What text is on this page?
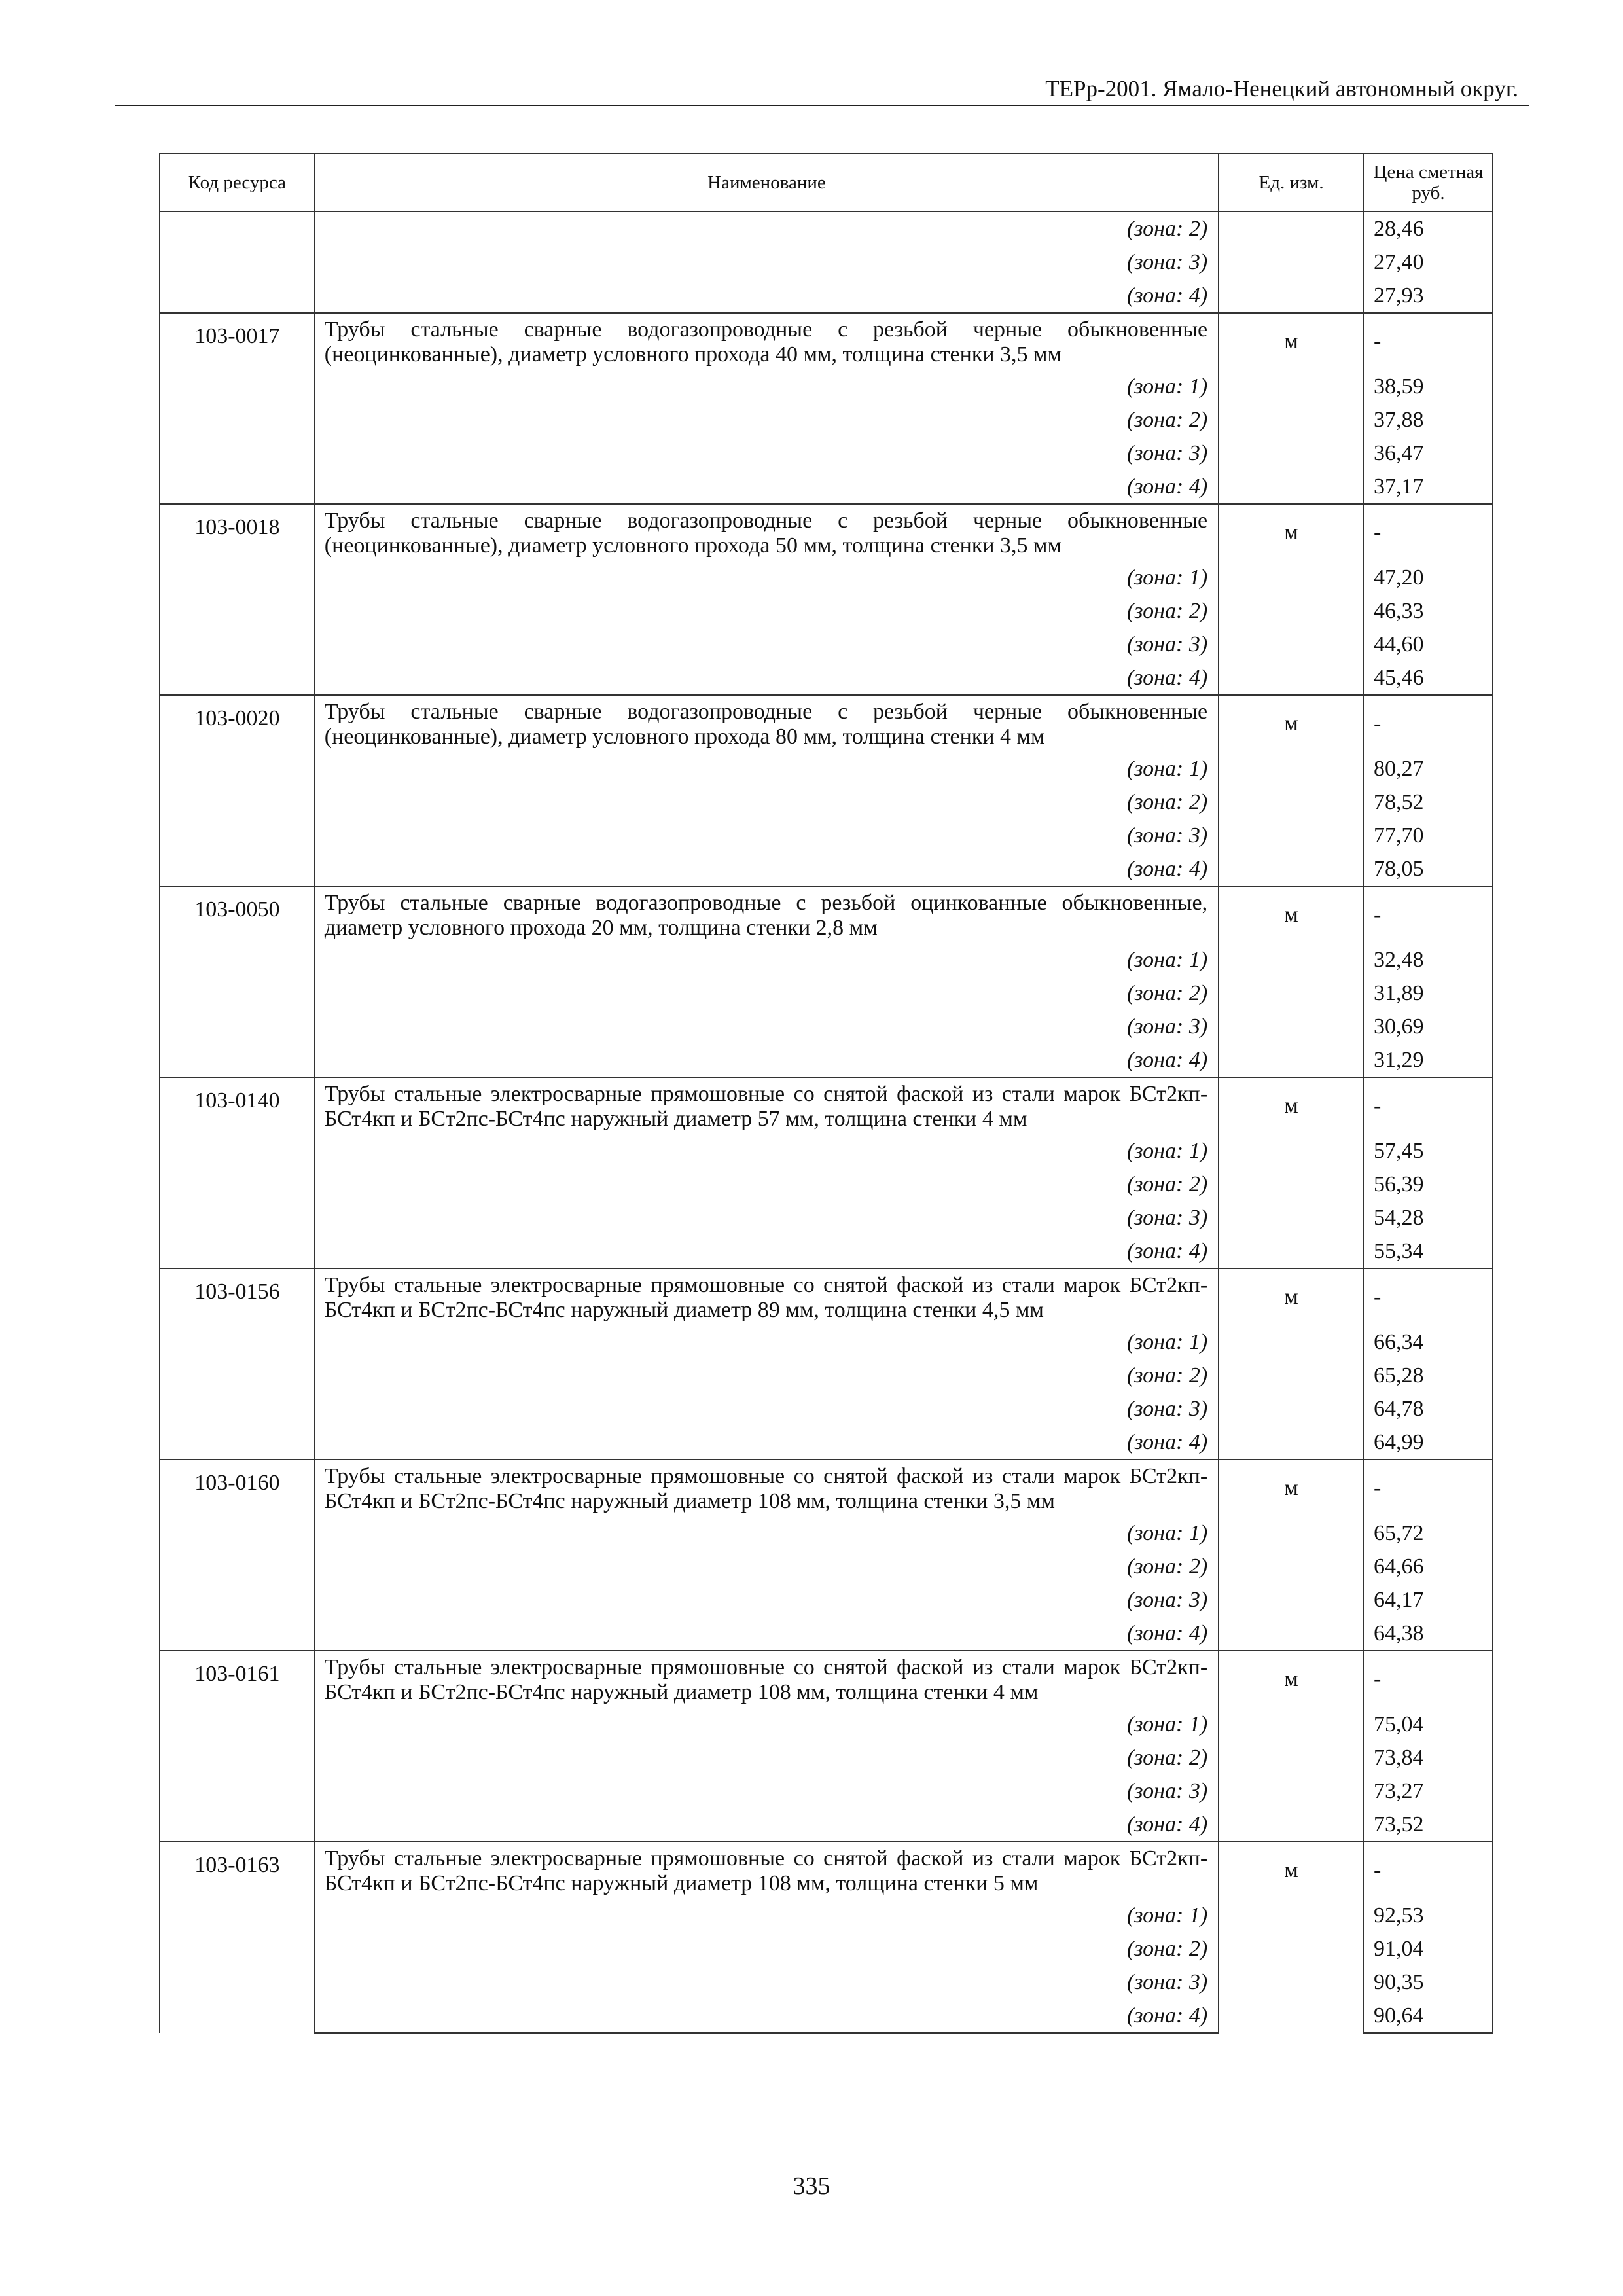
ТЕРр-2001. Ямало-Ненецкий автономный округ.
Код ресурса	Наименование	Ед. изм.	Цена сметная руб.

	(зона: 2)		28,46
	(зона: 3)		27,40
	(зона: 4)		27,93

103-0017	Трубы стальные сварные водогазопроводные с резьбой черные обыкновенные (неоцинкованные), диаметр условного прохода 40 мм, толщина стенки 3,5 мм	м	-
	(зона: 1)		38,59
	(зона: 2)		37,88
	(зона: 3)		36,47
	(зона: 4)		37,17

103-0018	Трубы стальные сварные водогазопроводные с резьбой черные обыкновенные (неоцинкованные), диаметр условного прохода 50 мм, толщина стенки 3,5 мм	м	-
	(зона: 1)		47,20
	(зона: 2)		46,33
	(зона: 3)		44,60
	(зона: 4)		45,46

103-0020	Трубы стальные сварные водогазопроводные с резьбой черные обыкновенные (неоцинкованные), диаметр условного прохода 80 мм, толщина стенки 4 мм	м	-
	(зона: 1)		80,27
	(зона: 2)		78,52
	(зона: 3)		77,70
	(зона: 4)		78,05

103-0050	Трубы стальные сварные водогазопроводные с резьбой оцинкованные обыкновенные, диаметр условного прохода 20 мм, толщина стенки 2,8 мм	м	-
	(зона: 1)		32,48
	(зона: 2)		31,89
	(зона: 3)		30,69
	(зона: 4)		31,29

103-0140	Трубы стальные электросварные прямошовные со снятой фаской из стали марок БСт2кп-БСт4кп и БСт2пс-БСт4пс наружный диаметр 57 мм, толщина стенки 4 мм	м	-
	(зона: 1)		57,45
	(зона: 2)		56,39
	(зона: 3)		54,28
	(зона: 4)		55,34

103-0156	Трубы стальные электросварные прямошовные со снятой фаской из стали марок БСт2кп-БСт4кп и БСт2пс-БСт4пс наружный диаметр 89 мм, толщина стенки 4,5 мм	м	-
	(зона: 1)		66,34
	(зона: 2)		65,28
	(зона: 3)		64,78
	(зона: 4)		64,99

103-0160	Трубы стальные электросварные прямошовные со снятой фаской из стали марок БСт2кп-БСт4кп и БСт2пс-БСт4пс наружный диаметр 108 мм, толщина стенки 3,5 мм	м	-
	(зона: 1)		65,72
	(зона: 2)		64,66
	(зона: 3)		64,17
	(зона: 4)		64,38

103-0161	Трубы стальные электросварные прямошовные со снятой фаской из стали марок БСт2кп-БСт4кп и БСт2пс-БСт4пс наружный диаметр 108 мм, толщина стенки 4 мм	м	-
	(зона: 1)		75,04
	(зона: 2)		73,84
	(зона: 3)		73,27
	(зона: 4)		73,52

103-0163	Трубы стальные электросварные прямошовные со снятой фаской из стали марок БСт2кп-БСт4кп и БСт2пс-БСт4пс наружный диаметр 108 мм, толщина стенки 5 мм	м	-
	(зона: 1)		92,53
	(зона: 2)		91,04
	(зона: 3)		90,35
	(зона: 4)		90,64
335
